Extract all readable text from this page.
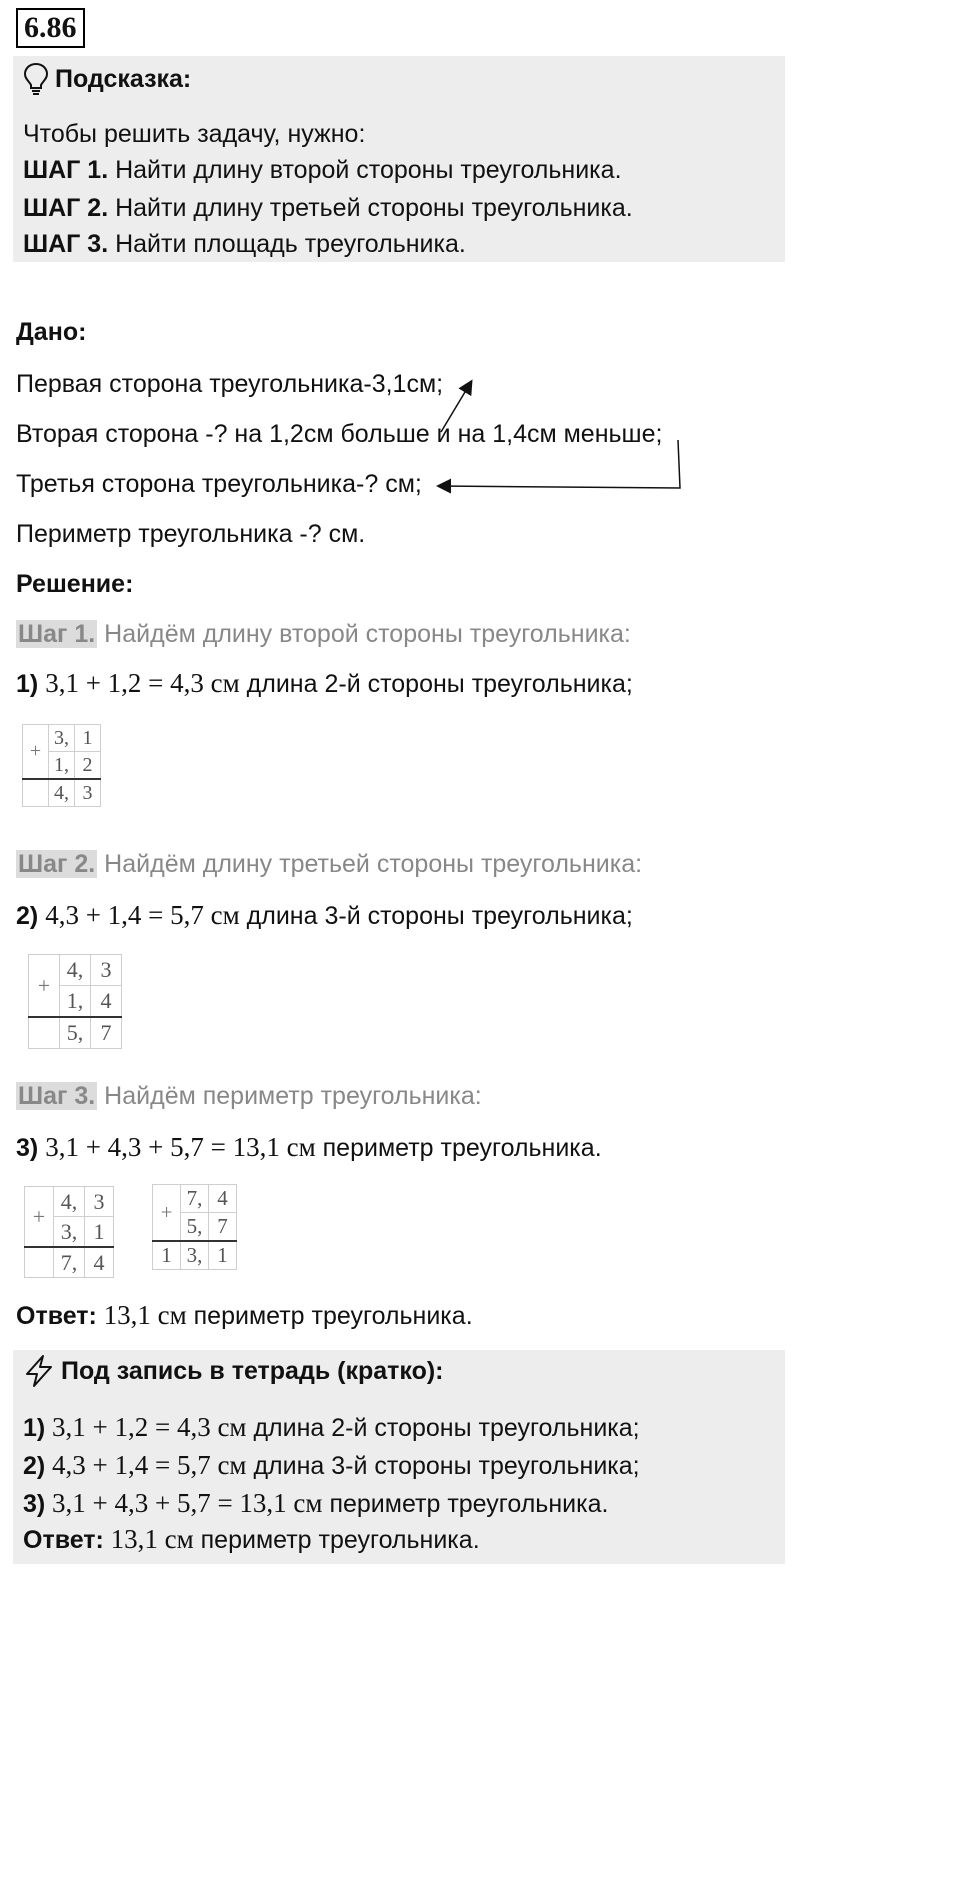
6.86
Подсказка:
Чтобы решить задачу, нужно:
ШАГ 1. Найти длину второй стороны треугольника.
ШАГ 2. Найти длину третьей стороны треугольника.
ШАГ 3. Найти площадь треугольника.
Дано:
Первая сторона треугольника-3,1см;
Вторая сторона -? на 1,2см больше и на 1,4см меньше;
Третья сторона треугольника-? см;
Периметр треугольника -? см.
Решение:
Шаг 1. Найдём длину второй стороны треугольника:
1) 3,1 + 1,2 = 4,3 см длина 2-й стороны треугольника;
+	3,	1
	1,	2
	4,	3
Шаг 2. Найдём длину третьей стороны треугольника:
2) 4,3 + 1,4 = 5,7 см длина 3-й стороны треугольника;
+	4,	3
	1,	4
	5,	7
Шаг 3. Найдём периметр треугольника:
3) 3,1 + 4,3 + 5,7 = 13,1 см периметр треугольника.
+	4,	3
	3,	1
	7,	4
+	7,	4
	5,	7
1	3,	1
Ответ: 13,1 см периметр треугольника.
Под запись в тетрадь (кратко):
1) 3,1 + 1,2 = 4,3 см длина 2-й стороны треугольника;
2) 4,3 + 1,4 = 5,7 см длина 3-й стороны треугольника;
3) 3,1 + 4,3 + 5,7 = 13,1 см периметр треугольника.
Ответ: 13,1 см периметр треугольника.
